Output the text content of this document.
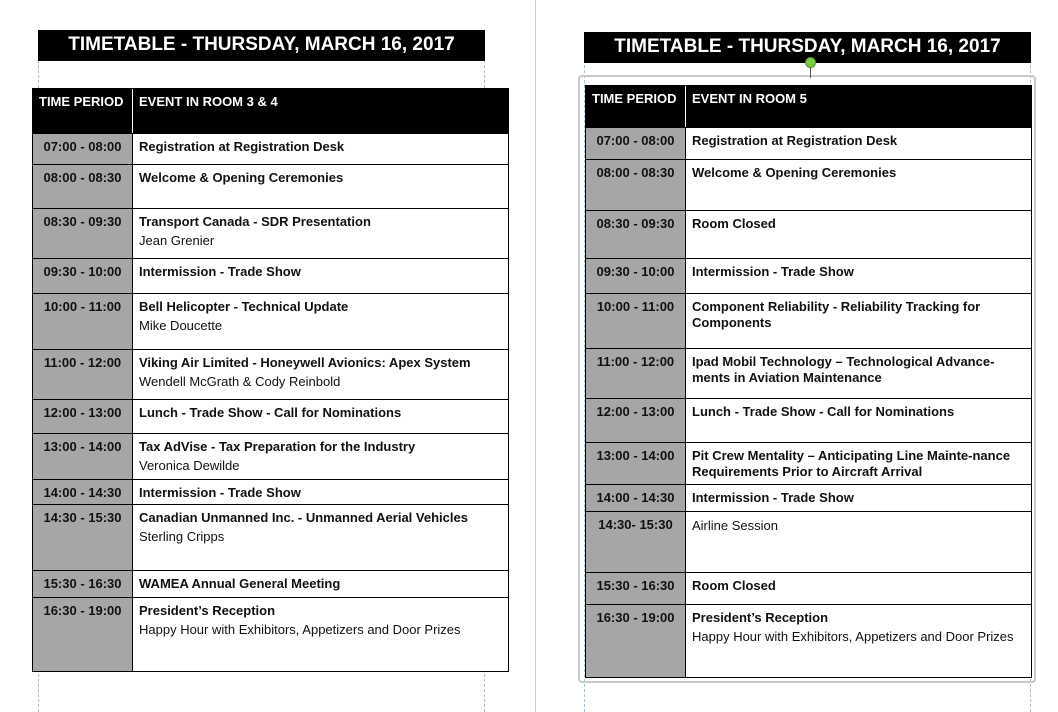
TIMETABLE - THURSDAY, MARCH 16, 2017
TIME PERIOD	EVENT IN ROOM 3 & 4
07:00 - 08:00	Registration at Registration Desk
08:00 - 08:30	Welcome & Opening Ceremonies
08:30 - 09:30	Transport Canada - SDR Presentation
Jean Grenier
09:30 - 10:00	Intermission - Trade Show
10:00 - 11:00	Bell Helicopter - Technical Update
Mike Doucette
11:00 - 12:00	Viking Air Limited - Honeywell Avionics: Apex System
Wendell McGrath & Cody Reinbold
12:00 - 13:00	Lunch - Trade Show - Call for Nominations
13:00 - 14:00	Tax AdVise - Tax Preparation for the Industry
Veronica Dewilde
14:00 - 14:30	Intermission - Trade Show
14:30 - 15:30	Canadian Unmanned Inc. - Unmanned Aerial Vehicles
Sterling Cripps
15:30 - 16:30	WAMEA Annual General Meeting
16:30 - 19:00	President’s Reception
Happy Hour with Exhibitors, Appetizers and Door Prizes
TIMETABLE - THURSDAY, MARCH 16, 2017
TIME PERIOD	EVENT IN ROOM 5
07:00 - 08:00	Registration at Registration Desk
08:00 - 08:30	Welcome & Opening Ceremonies
08:30 - 09:30	Room Closed
09:30 - 10:00	Intermission - Trade Show
10:00 - 11:00	Component Reliability - Reliability Tracking for Components
11:00 - 12:00	Ipad Mobil Technology – Technological Advance-ments in Aviation Maintenance
12:00 - 13:00	Lunch - Trade Show - Call for Nominations
13:00 - 14:00	Pit Crew Mentality – Anticipating Line Mainte-nance Requirements Prior to Aircraft Arrival
14:00 - 14:30	Intermission - Trade Show
14:30- 15:30	Airline Session
15:30 - 16:30	Room Closed
16:30 - 19:00	President’s Reception
Happy Hour with Exhibitors, Appetizers and Door Prizes
